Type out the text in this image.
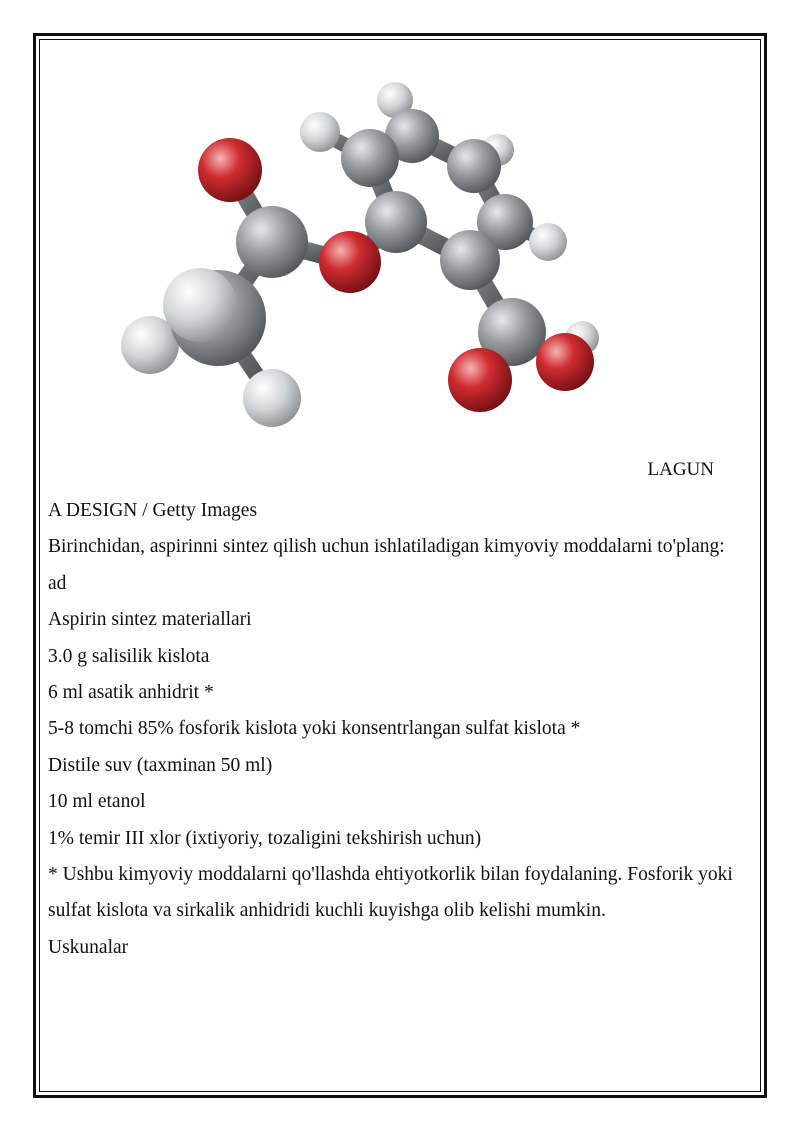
LAGUN

A DESIGN / Getty Images

Birinchidan, aspirinni sintez qilish uchun ishlatiladigan kimyoviy moddalarni to'plang:

ad

Aspirin sintez materiallari

3.0 g salisilik kislota

6 ml asatik anhidrit *

5-8 tomchi 85% fosforik kislota yoki konsentrlangan sulfat kislota *

Distile suv (taxminan 50 ml)

10 ml etanol

1% temir III xlor (ixtiyoriy, tozaligini tekshirish uchun)

* Ushbu kimyoviy moddalarni qo'llashda ehtiyotkorlik bilan foydalaning. Fosforik yoki sulfat kislota va sirkalik anhidridi kuchli kuyishga olib kelishi mumkin.

Uskunalar
